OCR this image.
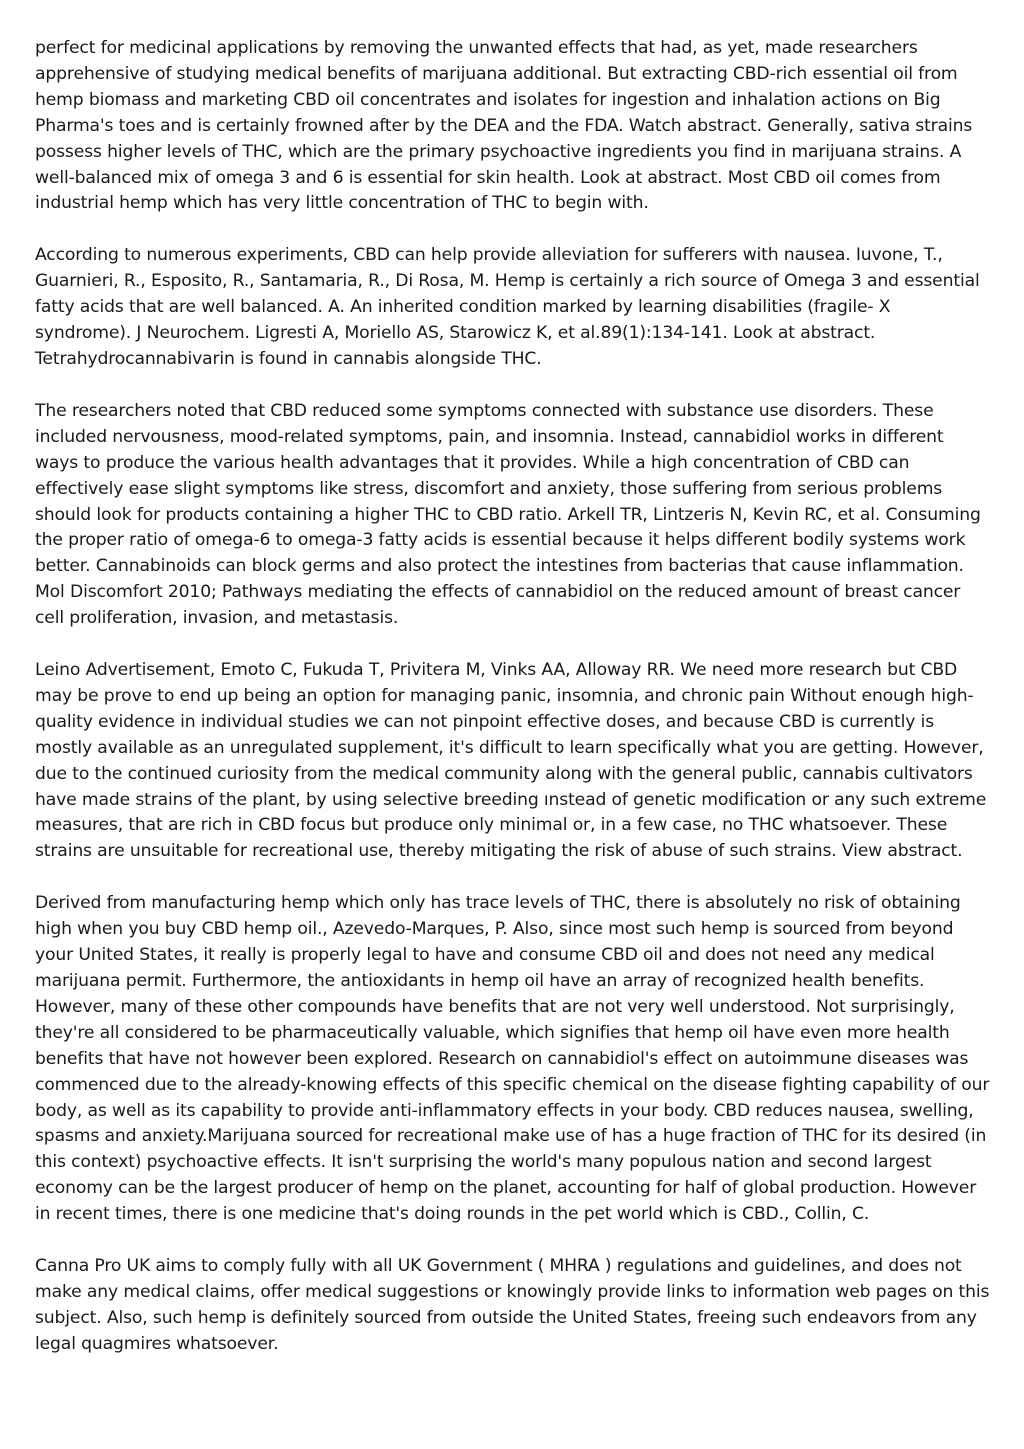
perfect for medicinal applications by removing the unwanted effects that had, as yet, made researchers apprehensive of studying medical benefits of marijuana additional. But extracting CBD-rich essential oil from hemp biomass and marketing CBD oil concentrates and isolates for ingestion and inhalation actions on Big Pharma's toes and is certainly frowned after by the DEA and the FDA. Watch abstract. Generally, sativa strains possess higher levels of THC, which are the primary psychoactive ingredients you find in marijuana strains. A well-balanced mix of omega 3 and 6 is essential for skin health. Look at abstract. Most CBD oil comes from industrial hemp which has very little concentration of THC to begin with.

According to numerous experiments, CBD can help provide alleviation for sufferers with nausea. Iuvone, T., Guarnieri, R., Esposito, R., Santamaria, R., Di Rosa, M. Hemp is certainly a rich source of Omega 3 and essential fatty acids that are well balanced. A. An inherited condition marked by learning disabilities (fragile- X syndrome). J Neurochem. Ligresti A, Moriello AS, Starowicz K, et al.89(1):134-141. Look at abstract. Tetrahydrocannabivarin is found in cannabis alongside THC.

The researchers noted that CBD reduced some symptoms connected with substance use disorders. These included nervousness, mood-related symptoms, pain, and insomnia. Instead, cannabidiol works in different ways to produce the various health advantages that it provides. While a high concentration of CBD can effectively ease slight symptoms like stress, discomfort and anxiety, those suffering from serious problems should look for products containing a higher THC to CBD ratio. Arkell TR, Lintzeris N, Kevin RC, et al. Consuming the proper ratio of omega-6 to omega-3 fatty acids is essential because it helps different bodily systems work better. Cannabinoids can block germs and also protect the intestines from bacterias that cause inflammation. Mol Discomfort 2010; Pathways mediating the effects of cannabidiol on the reduced amount of breast cancer cell proliferation, invasion, and metastasis.

Leino Advertisement, Emoto C, Fukuda T, Privitera M, Vinks AA, Alloway RR. We need more research but CBD may be prove to end up being an option for managing panic, insomnia, and chronic pain Without enough high-quality evidence in individual studies we can not pinpoint effective doses, and because CBD is currently is mostly available as an unregulated supplement, it's difficult to learn specifically what you are getting. However, due to the continued curiosity from the medical community along with the general public, cannabis cultivators have made strains of the plant, by using selective breeding ınstead of genetic modification or any such extreme measures, that are rich in CBD focus but produce only minimal or, in a few case, no THC whatsoever. These strains are unsuitable for recreational use, thereby mitigating the risk of abuse of such strains. View abstract.

Derived from manufacturing hemp which only has trace levels of THC, there is absolutely no risk of obtaining high when you buy CBD hemp oil., Azevedo-Marques, P. Also, since most such hemp is sourced from beyond your United States, it really is properly legal to have and consume CBD oil and does not need any medical marijuana permit. Furthermore, the antioxidants in hemp oil have an array of recognized health benefits. However, many of these other compounds have benefits that are not very well understood. Not surprisingly, they're all considered to be pharmaceutically valuable, which signifies that hemp oil have even more health benefits that have not however been explored. Research on cannabidiol's effect on autoimmune diseases was commenced due to the already-knowing effects of this specific chemical on the disease fighting capability of our body, as well as its capability to provide anti-inflammatory effects in your body. CBD reduces nausea, swelling, spasms and anxiety.Marijuana sourced for recreational make use of has a huge fraction of THC for its desired (in this context) psychoactive effects. It isn't surprising the world's many populous nation and second largest economy can be the largest producer of hemp on the planet, accounting for half of global production. However in recent times, there is one medicine that's doing rounds in the pet world which is CBD., Collin, C.

Canna Pro UK aims to comply fully with all UK Government ( MHRA ) regulations and guidelines, and does not make any medical claims, offer medical suggestions or knowingly provide links to information web pages on this subject. Also, such hemp is definitely sourced from outside the United States, freeing such endeavors from any legal quagmires whatsoever.
